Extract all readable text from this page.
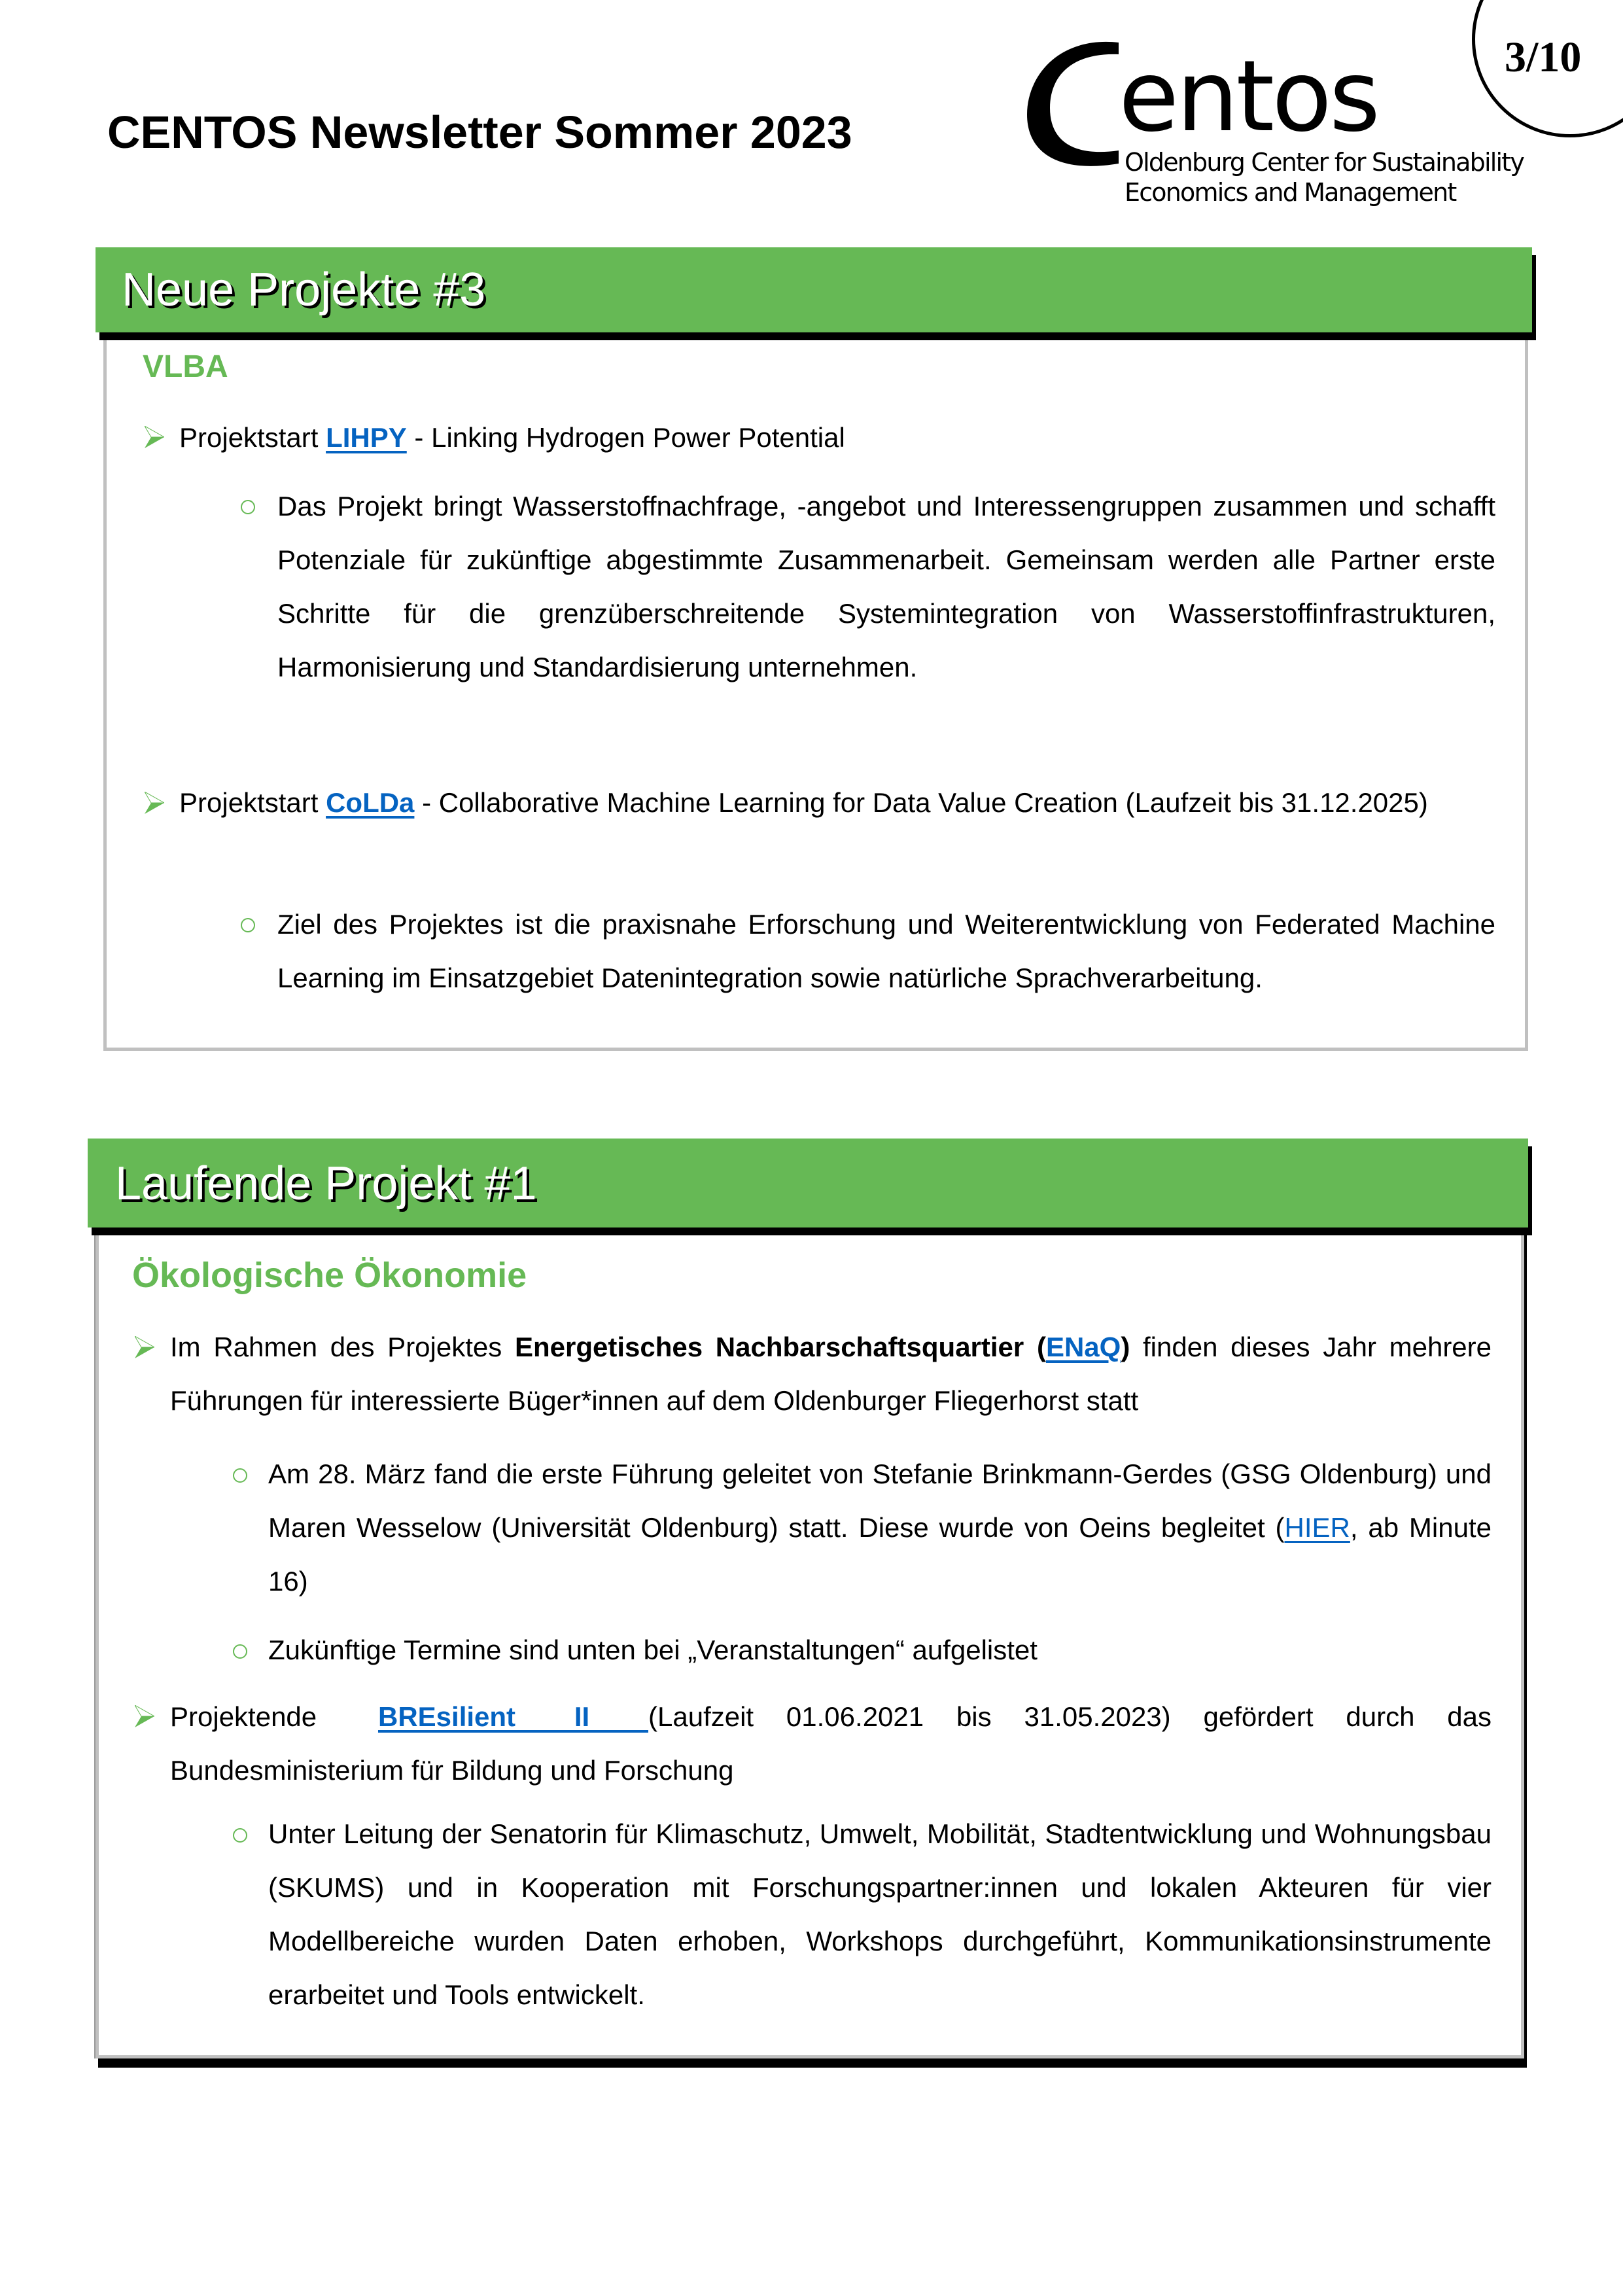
CENTOS Newsletter Sommer 2023	entos
Oldenburg Center for Sustainability
Economics and Management
3/10
Neue Projekte #3
VLBA
Projektstart LIHPY - Linking Hydrogen Power Potential
Das Projekt bringt Wasserstoffnachfrage, -angebot und Interessengruppen zusammen und schafft Potenziale für zukünftige abgestimmte Zusammenarbeit. Gemeinsam werden alle Partner erste Schritte für die grenzüberschreitende Systemintegration von Wasserstoffinfrastrukturen, Harmonisierung und Standardisierung unternehmen.
Projektstart CoLDa - Collaborative Machine Learning for Data Value Creation (Laufzeit bis 31.12.2025)
Ziel des Projektes ist die praxisnahe Erforschung und Weiterentwicklung von Federated Machine Learning im Einsatzgebiet Datenintegration sowie natürliche Sprachverarbeitung.
Laufende Projekt #1
Ökologische Ökonomie
Im Rahmen des Projektes Energetisches Nachbarschaftsquartier (ENaQ) finden dieses Jahr mehrere Führungen für interessierte Büger*innen auf dem Oldenburger Fliegerhorst statt
Am 28. März fand die erste Führung geleitet von Stefanie Brinkmann-Gerdes (GSG Oldenburg) und Maren Wesselow (Universität Oldenburg) statt. Diese wurde von Oeins begleitet (HIER, ab Minute 16)
Zukünftige Termine sind unten bei „Veranstaltungen“ aufgelistet
Projektende BREsilient II (Laufzeit 01.06.2021 bis 31.05.2023) gefördert durch das Bundesministerium für Bildung und Forschung
Unter Leitung der Senatorin für Klimaschutz, Umwelt, Mobilität, Stadtentwicklung und Wohnungsbau (SKUMS) und in Kooperation mit Forschungspartner:innen und lokalen Akteuren für vier Modellbereiche wurden Daten erhoben, Workshops durchgeführt, Kommunikationsinstrumente erarbeitet und Tools entwickelt.
